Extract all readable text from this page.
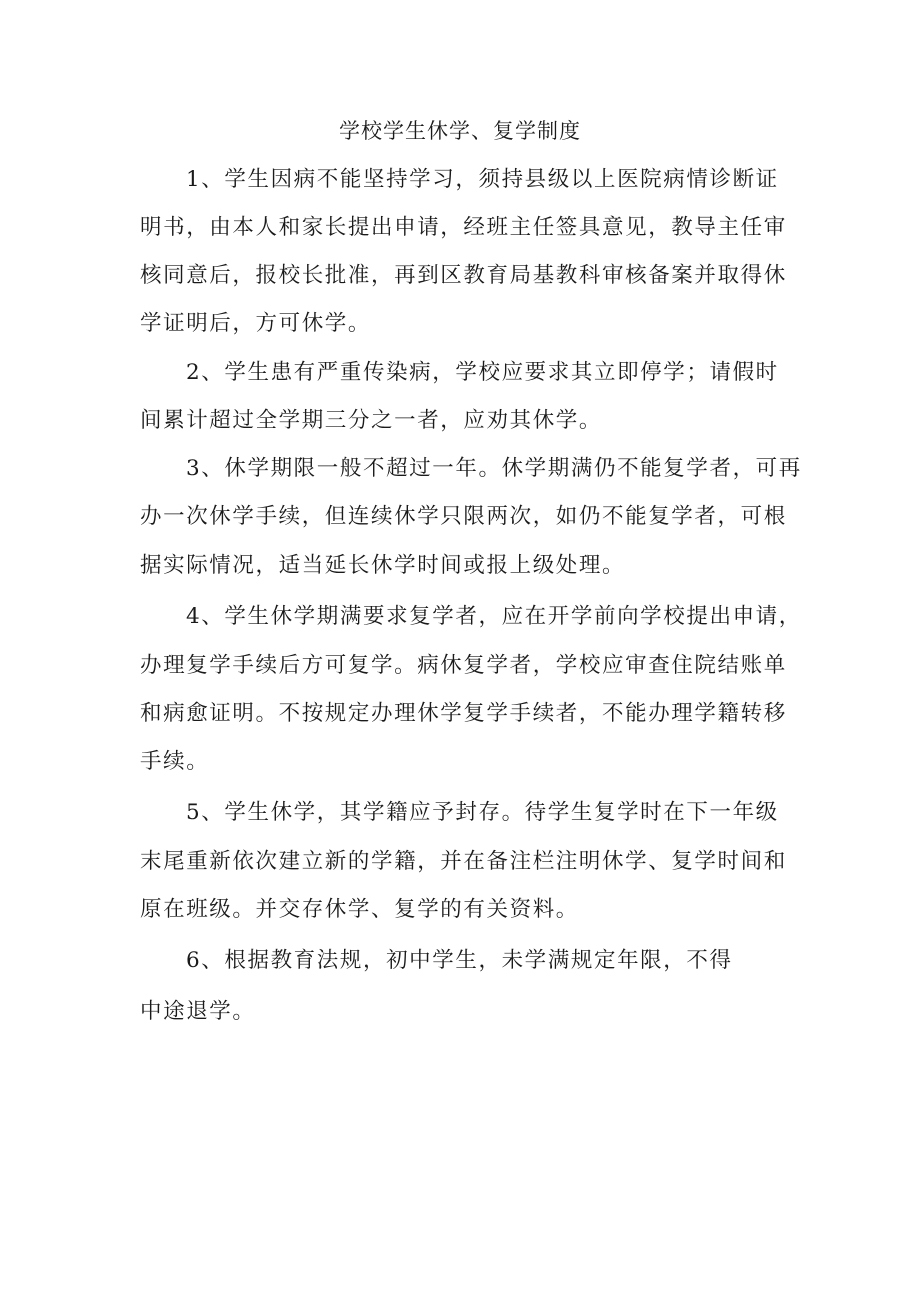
学校学生休学、复学制度
1、学生因病不能坚持学习，须持县级以上医院病情诊断证
明书，由本人和家长提出申请，经班主任签具意见，教导主任审
核同意后，报校长批准，再到区教育局基教科审核备案并取得休
学证明后，方可休学。
2、学生患有严重传染病，学校应要求其立即停学；请假时
间累计超过全学期三分之一者，应劝其休学。
3、休学期限一般不超过一年。休学期满仍不能复学者，可再
办一次休学手续，但连续休学只限两次，如仍不能复学者，可根
据实际情况，适当延长休学时间或报上级处理。
4、学生休学期满要求复学者，应在开学前向学校提出申请，
办理复学手续后方可复学。病休复学者，学校应审查住院结账单
和病愈证明。不按规定办理休学复学手续者，不能办理学籍转移
手续。
5、学生休学，其学籍应予封存。待学生复学时在下一年级
末尾重新依次建立新的学籍，并在备注栏注明休学、复学时间和
原在班级。并交存休学、复学的有关资料。
6、根据教育法规，初中学生，未学满规定年限，不得
中途退学。
